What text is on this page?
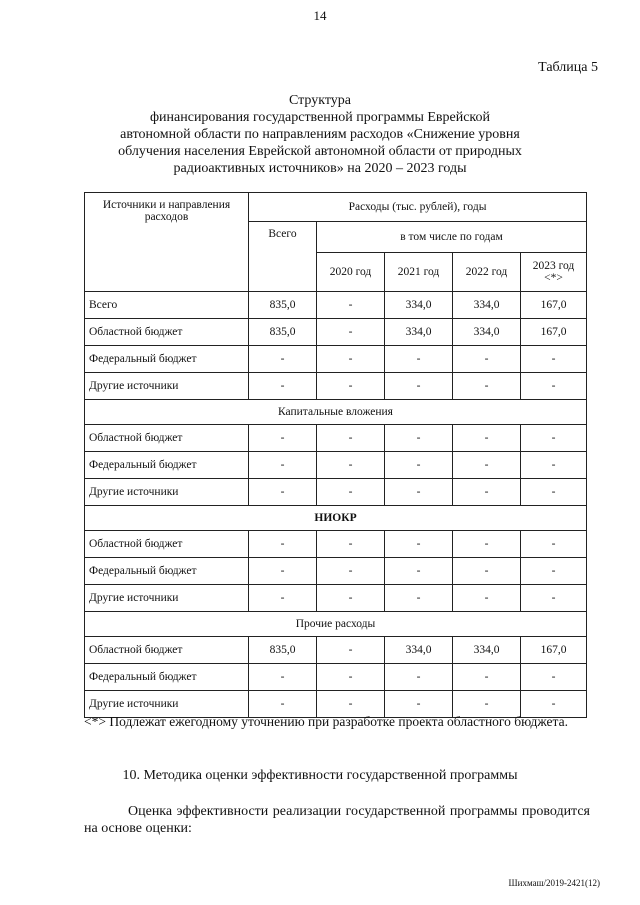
14
Таблица 5
Структура
финансирования государственной программы Еврейской
автономной области по направлениям расходов «Снижение уровня
облучения населения Еврейской автономной области от природных
радиоактивных источников» на 2020 – 2023 годы
Источники и направления расходов	Расходы (тыс. рублей), годы				
	Всего	в том числе по годам			
		2020 год	2021 год	2022 год	2023 год <*>
Всего	835,0	-	334,0	334,0	167,0
Областной бюджет	835,0	-	334,0	334,0	167,0
Федеральный бюджет	-	-	-	-	-
Другие источники	-	-	-	-	-
Капитальные вложения					
Областной бюджет	-	-	-	-	-
Федеральный бюджет	-	-	-	-	-
Другие источники	-	-	-	-	-
НИОКР					
Областной бюджет	-	-	-	-	-
Федеральный бюджет	-	-	-	-	-
Другие источники	-	-	-	-	-
Прочие расходы					
Областной бюджет	835,0	-	334,0	334,0	167,0
Федеральный бюджет	-	-	-	-	-
Другие источники	-	-	-	-	-
<*> Подлежат ежегодному уточнению при разработке проекта областного бюджета.
10. Методика оценки эффективности государственной программы
Оценка эффективности реализации государственной программы проводится на основе оценки:
Шихмаш/2019-2421(12)
